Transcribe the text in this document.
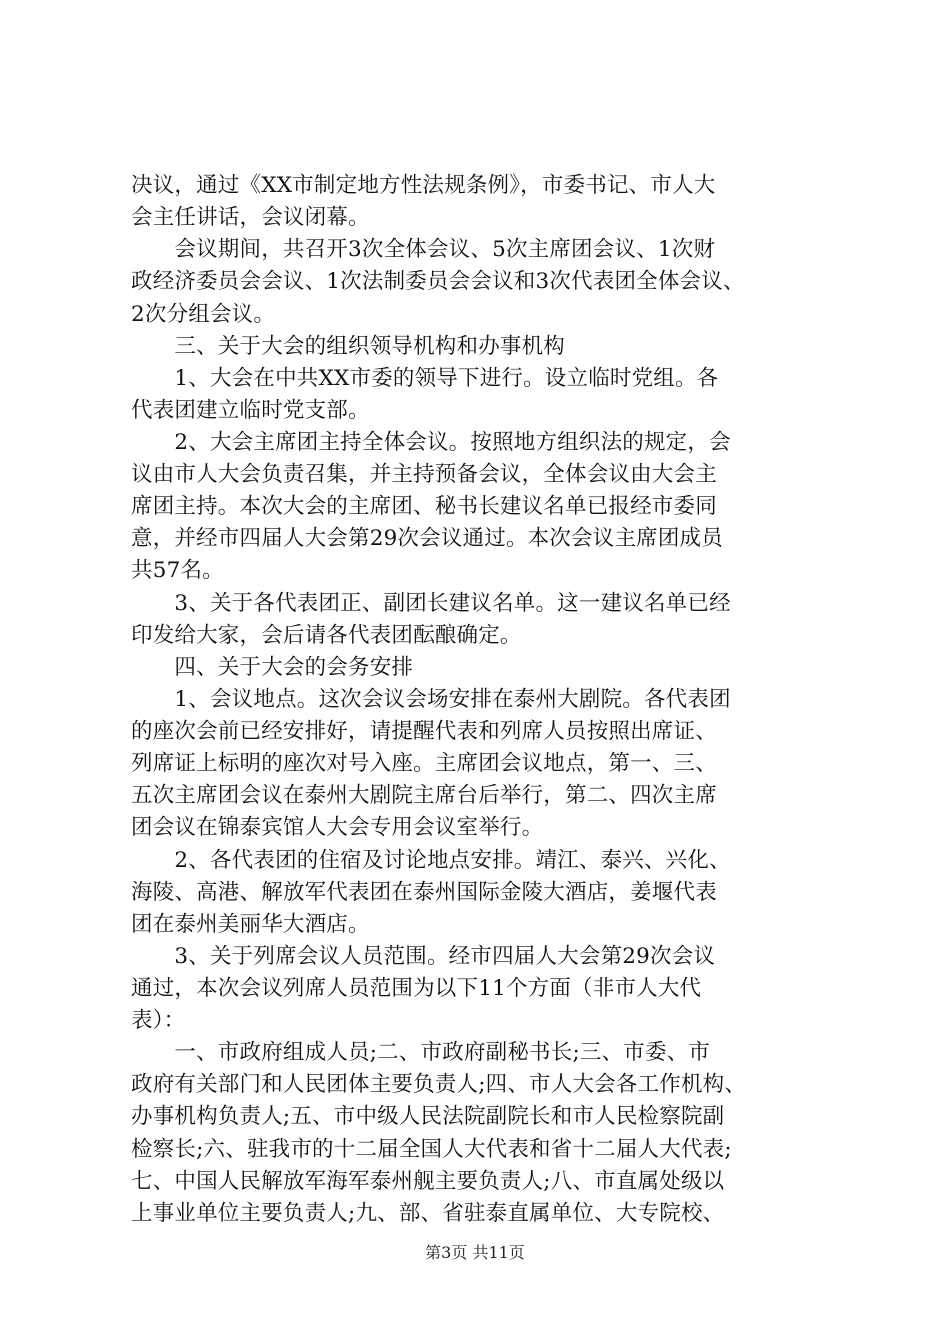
决议，通过《XX市制定地方性法规条例》，市委书记、市人大
会主任讲话，会议闭幕。
　　会议期间，共召开3次全体会议、5次主席团会议、1次财
政经济委员会会议、1次法制委员会会议和3次代表团全体会议、
2次分组会议。
　　三、关于大会的组织领导机构和办事机构
　　1、大会在中共XX市委的领导下进行。设立临时党组。各
代表团建立临时党支部。
　　2、大会主席团主持全体会议。按照地方组织法的规定，会
议由市人大会负责召集，并主持预备会议，全体会议由大会主
席团主持。本次大会的主席团、秘书长建议名单已报经市委同
意，并经市四届人大会第29次会议通过。本次会议主席团成员
共57名。
　　3、关于各代表团正、副团长建议名单。这一建议名单已经
印发给大家，会后请各代表团酝酿确定。
　　四、关于大会的会务安排
　　1、会议地点。这次会议会场安排在泰州大剧院。各代表团
的座次会前已经安排好，请提醒代表和列席人员按照出席证、
列席证上标明的座次对号入座。主席团会议地点，第一、三、
五次主席团会议在泰州大剧院主席台后举行，第二、四次主席
团会议在锦泰宾馆人大会专用会议室举行。
　　2、各代表团的住宿及讨论地点安排。靖江、泰兴、兴化、
海陵、高港、解放军代表团在泰州国际金陵大酒店，姜堰代表
团在泰州美丽华大酒店。
　　3、关于列席会议人员范围。经市四届人大会第29次会议
通过，本次会议列席人员范围为以下11个方面（非市人大代
表）：
　　一、市政府组成人员;二、市政府副秘书长;三、市委、市
政府有关部门和人民团体主要负责人;四、市人大会各工作机构、
办事机构负责人;五、市中级人民法院副院长和市人民检察院副
检察长;六、驻我市的十二届全国人大代表和省十二届人大代表;
七、中国人民解放军海军泰州舰主要负责人;八、市直属处级以
上事业单位主要负责人;九、部、省驻泰直属单位、大专院校、
第3页 共11页
